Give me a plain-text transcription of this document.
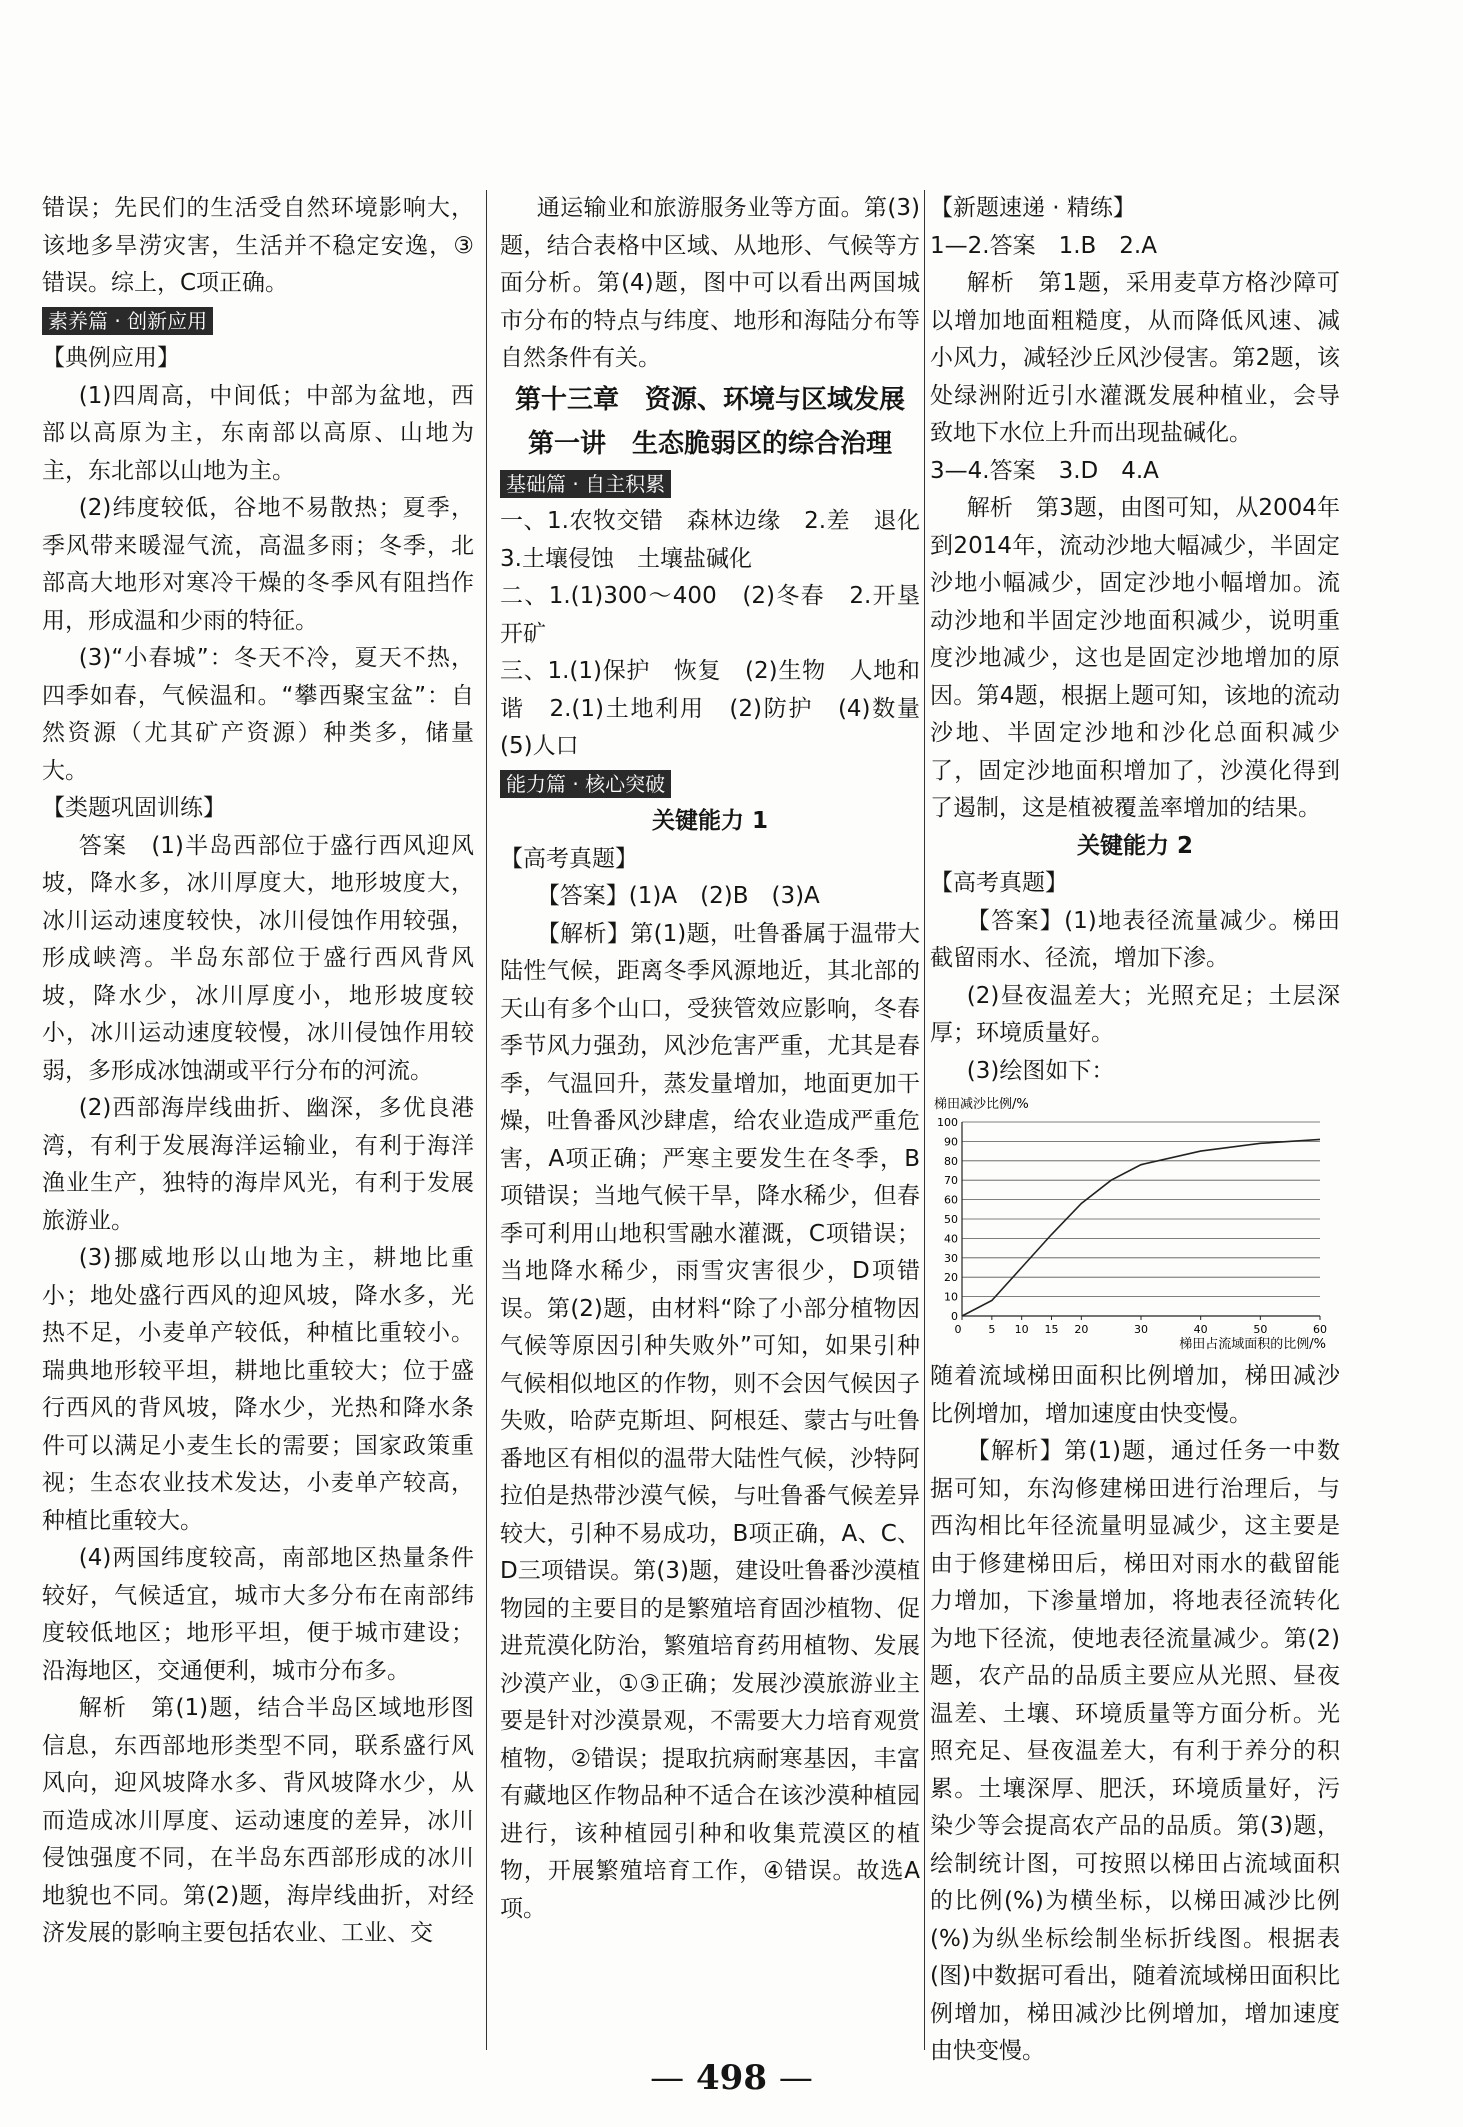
错误；先民们的生活受自然环境影响大，该地多旱涝灾害，生活并不稳定安逸，③错误。综上，C项正确。

素养篇 · 创新应用

【典例应用】

(1)四周高，中间低；中部为盆地，西部以高原为主，东南部以高原、山地为主，东北部以山地为主。

(2)纬度较低，谷地不易散热；夏季，季风带来暖湿气流，高温多雨；冬季，北部高大地形对寒冷干燥的冬季风有阻挡作用，形成温和少雨的特征。

(3)“小春城”：冬天不冷，夏天不热，四季如春，气候温和。“攀西聚宝盆”：自然资源（尤其矿产资源）种类多，储量大。

【类题巩固训练】

答案　(1)半岛西部位于盛行西风迎风坡，降水多，冰川厚度大，地形坡度大，冰川运动速度较快，冰川侵蚀作用较强，形成峡湾。半岛东部位于盛行西风背风坡，降水少，冰川厚度小，地形坡度较小，冰川运动速度较慢，冰川侵蚀作用较弱，多形成冰蚀湖或平行分布的河流。

(2)西部海岸线曲折、幽深，多优良港湾，有利于发展海洋运输业，有利于海洋渔业生产，独特的海岸风光，有利于发展旅游业。

(3)挪威地形以山地为主，耕地比重小；地处盛行西风的迎风坡，降水多，光热不足，小麦单产较低，种植比重较小。瑞典地形较平坦，耕地比重较大；位于盛行西风的背风坡，降水少，光热和降水条件可以满足小麦生长的需要；国家政策重视；生态农业技术发达，小麦单产较高，种植比重较大。

(4)两国纬度较高，南部地区热量条件较好，气候适宜，城市大多分布在南部纬度较低地区；地形平坦，便于城市建设；沿海地区，交通便利，城市分布多。

解析　第(1)题，结合半岛区域地形图信息，东西部地形类型不同，联系盛行风风向，迎风坡降水多、背风坡降水少，从而造成冰川厚度、运动速度的差异，冰川侵蚀强度不同，在半岛东西部形成的冰川地貌也不同。第(2)题，海岸线曲折，对经济发展的影响主要包括农业、工业、交

通运输业和旅游服务业等方面。第(3)题，结合表格中区域、从地形、气候等方面分析。第(4)题，图中可以看出两国城市分布的特点与纬度、地形和海陆分布等自然条件有关。

第十三章　资源、环境与区域发展
第一讲　生态脆弱区的综合治理
基础篇 · 自主积累

一、1.农牧交错　森林边缘　2.差　退化　3.土壤侵蚀　土壤盐碱化

二、1.(1)300～400　(2)冬春　2.开垦开矿

三、1.(1)保护　恢复　(2)生物　人地和谐　2.(1)土地利用　(2)防护　(4)数量　(5)人口

能力篇 · 核心突破
关键能力 1

【高考真题】

【答案】(1)A　(2)B　(3)A

【解析】第(1)题，吐鲁番属于温带大陆性气候，距离冬季风源地近，其北部的天山有多个山口，受狭管效应影响，冬春季节风力强劲，风沙危害严重，尤其是春季，气温回升，蒸发量增加，地面更加干燥，吐鲁番风沙肆虐，给农业造成严重危害，A项正确；严寒主要发生在冬季，B项错误；当地气候干旱，降水稀少，但春季可利用山地积雪融水灌溉，C项错误；当地降水稀少，雨雪灾害很少，D项错误。第(2)题，由材料“除了小部分植物因气候等原因引种失败外”可知，如果引种气候相似地区的作物，则不会因气候因子失败，哈萨克斯坦、阿根廷、蒙古与吐鲁番地区有相似的温带大陆性气候，沙特阿拉伯是热带沙漠气候，与吐鲁番气候差异较大，引种不易成功，B项正确，A、C、D三项错误。第(3)题，建设吐鲁番沙漠植物园的主要目的是繁殖培育固沙植物、促进荒漠化防治，繁殖培育药用植物、发展沙漠产业，①③正确；发展沙漠旅游业主要是针对沙漠景观，不需要大力培育观赏植物，②错误；提取抗病耐寒基因，丰富有藏地区作物品种不适合在该沙漠种植园进行，该种植园引种和收集荒漠区的植物，开展繁殖培育工作，④错误。故选A项。

【新题速递 · 精练】

1—2.答案　1.B　2.A

解析　第1题，采用麦草方格沙障可以增加地面粗糙度，从而降低风速、减小风力，减轻沙丘风沙侵害。第2题，该处绿洲附近引水灌溉发展种植业，会导致地下水位上升而出现盐碱化。

3—4.答案　3.D　4.A

解析　第3题，由图可知，从2004年到2014年，流动沙地大幅减少，半固定沙地小幅减少，固定沙地小幅增加。流动沙地和半固定沙地面积减少，说明重度沙地减少，这也是固定沙地增加的原因。第4题，根据上题可知，该地的流动沙地、半固定沙地和沙化总面积减少了，固定沙地面积增加了，沙漠化得到了遏制，这是植被覆盖率增加的结果。

关键能力 2

【高考真题】

【答案】(1)地表径流量减少。梯田截留雨水、径流，增加下渗。

(2)昼夜温差大；光照充足；土层深厚；环境质量好。

(3)绘图如下：

0
10
20
30
40
50
60
70
80
90
100
5 10 15 20	30	40	50	60
0
梯田减沙比例/%
梯田占流域面积的比例/%

随着流域梯田面积比例增加，梯田减沙比例增加，增加速度由快变慢。

【解析】第(1)题，通过任务一中数据可知，东沟修建梯田进行治理后，与西沟相比年径流量明显减少，这主要是由于修建梯田后，梯田对雨水的截留能力增加，下渗量增加，将地表径流转化为地下径流，使地表径流量减少。第(2)题，农产品的品质主要应从光照、昼夜温差、土壤、环境质量等方面分析。光照充足、昼夜温差大，有利于养分的积累。土壤深厚、肥沃，环境质量好，污染少等会提高农产品的品质。第(3)题，绘制统计图，可按照以梯田占流域面积的比例(%)为横坐标，以梯田减沙比例(%)为纵坐标绘制坐标折线图。根据表(图)中数据可看出，随着流域梯田面积比例增加，梯田减沙比例增加，增加速度由快变慢。

— 498 —
